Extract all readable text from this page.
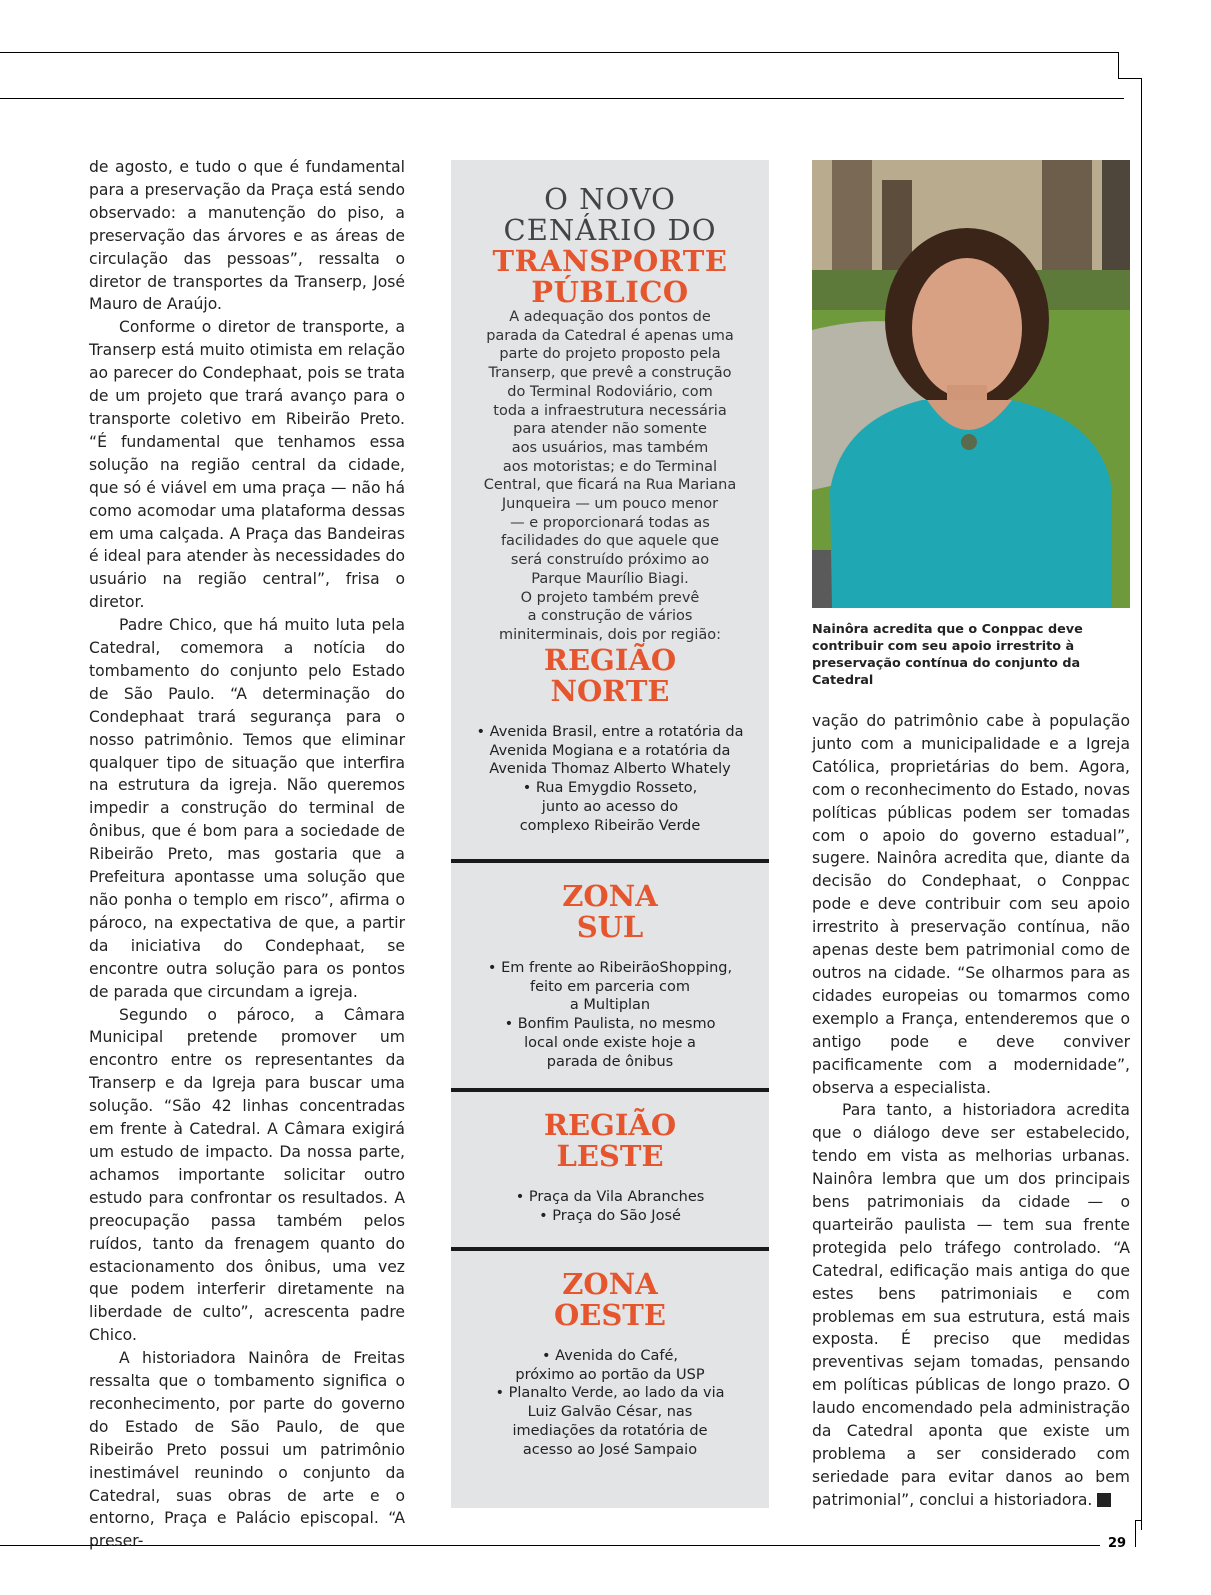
29

de agosto, e tudo o que é fundamental para a preservação da Praça está sendo observado: a manutenção do piso, a preservação das árvores e as áreas de circulação das pessoas”, ressalta o diretor de transportes da Transerp, José Mauro de Araújo.

Conforme o diretor de transporte, a Transerp está muito otimista em relação ao parecer do Condephaat, pois se trata de um projeto que trará avanço para o transporte coletivo em Ribeirão Preto. “É fundamental que tenhamos essa solução na região central da cidade, que só é viável em uma praça — não há como acomodar uma plataforma dessas em uma calçada. A Praça das Bandeiras é ideal para atender às necessidades do usuário na região central”, frisa o diretor.

Padre Chico, que há muito luta pela Catedral, comemora a notícia do tombamento do conjunto pelo Estado de São Paulo. “A determinação do Condephaat trará segurança para o nosso patrimônio. Temos que eliminar qualquer tipo de situação que interfira na estrutura da igreja. Não queremos impedir a construção do terminal de ônibus, que é bom para a sociedade de Ribeirão Preto, mas gostaria que a Prefeitura apontasse uma solução que não ponha o templo em risco”, afirma o pároco, na expectativa de que, a partir da iniciativa do Condephaat, se encontre outra solução para os pontos de parada que circundam a igreja.

Segundo o pároco, a Câmara Municipal pretende promover um encontro entre os representantes da Transerp e da Igreja para buscar uma solução. “São 42 linhas concentradas em frente à Catedral. A Câmara exigirá um estudo de impacto. Da nossa parte, achamos importante solicitar outro estudo para confrontar os resultados. A preocupação passa também pelos ruídos, tanto da frenagem quanto do estacionamento dos ônibus, uma vez que podem interferir diretamente na liberdade de culto”, acrescenta padre Chico.

A historiadora Nainôra de Freitas ressalta que o tombamento significa o reconhecimento, por parte do governo do Estado de São Paulo, de que Ribeirão Preto possui um patrimônio inestimável reunindo o conjunto da Catedral, suas obras de arte e o entorno, Praça e Palácio episcopal. “A preser-

O NOVO
CENÁRIO DO
TRANSPORTE
PÚBLICO
A adequação dos pontos de
parada da Catedral é apenas uma
parte do projeto proposto pela
Transerp, que prevê a construção
do Terminal Rodoviário, com
toda a infraestrutura necessária
para atender não somente
aos usuários, mas também
aos motoristas; e do Terminal
Central, que ficará na Rua Mariana
Junqueira — um pouco menor
— e proporcionará todas as
facilidades do que aquele que
será construído próximo ao
Parque Maurílio Biagi.
O projeto também prevê
a construção de vários
miniterminais, dois por região:
REGIÃO
NORTE
• Avenida Brasil, entre a rotatória da
Avenida Mogiana e a rotatória da
Avenida Thomaz Alberto Whately
• Rua Emygdio Rosseto,
junto ao acesso do
complexo Ribeirão Verde
ZONA
SUL
• Em frente ao RibeirãoShopping,
feito em parceria com
a Multiplan
• Bonfim Paulista, no mesmo
local onde existe hoje a
parada de ônibus
REGIÃO
LESTE
• Praça da Vila Abranches
• Praça do São José
ZONA
OESTE
• Avenida do Café,
próximo ao portão da USP
• Planalto Verde, ao lado da via
Luiz Galvão César, nas
imediações da rotatória de
acesso ao José Sampaio
Nainôra acredita que o Conppac deve contribuir com seu apoio irrestrito à preservação contínua do conjunto da Catedral

vação do patrimônio cabe à população junto com a municipalidade e a Igreja Católica, proprietárias do bem. Agora, com o reconhecimento do Estado, novas políticas públicas podem ser tomadas com o apoio do governo estadual”, sugere. Nainôra acredita que, diante da decisão do Condephaat, o Conppac pode e deve contribuir com seu apoio irrestrito à preservação contínua, não apenas deste bem patrimonial como de outros na cidade. “Se olharmos para as cidades europeias ou tomarmos como exemplo a França, entenderemos que o antigo pode e deve conviver pacificamente com a modernidade”, observa a especialista.

Para tanto, a historiadora acredita que o diálogo deve ser estabelecido, tendo em vista as melhorias urbanas. Nainôra lembra que um dos principais bens patrimoniais da cidade — o quarteirão paulista — tem sua frente protegida pelo tráfego controlado. “A Catedral, edificação mais antiga do que estes bens patrimoniais e com problemas em sua estrutura, está mais exposta. É preciso que medidas preventivas sejam tomadas, pensando em políticas públicas de longo prazo. O laudo encomendado pela administração da Catedral aponta que existe um problema a ser considerado com seriedade para evitar danos ao bem patrimonial”, conclui a historiadora.	R
